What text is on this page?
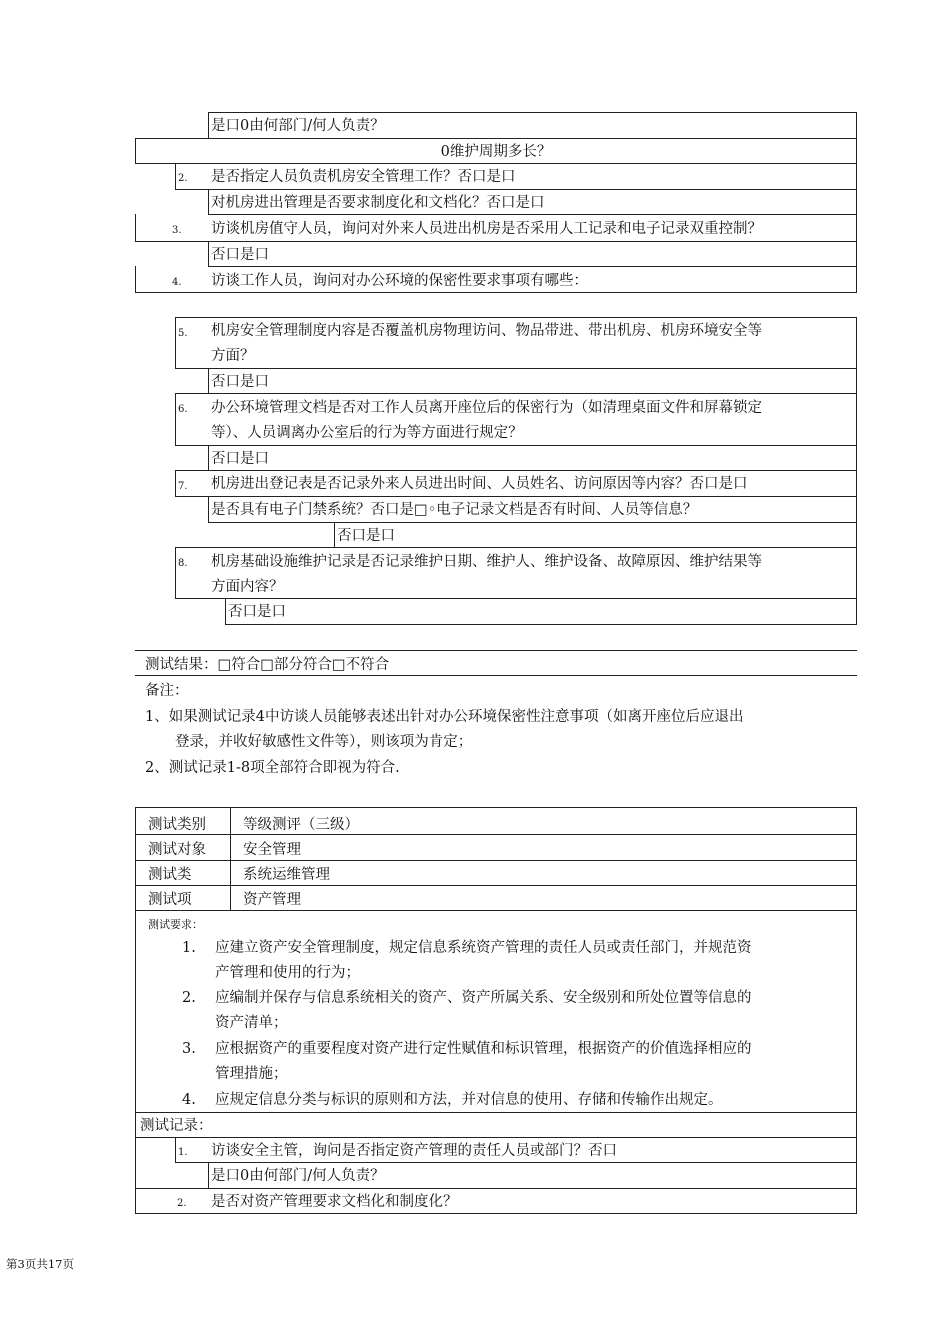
是口0由何部门/何人负责？
0维护周期多长？
2. 是否指定人员负责机房安全管理工作？否口是口
对机房进出管理是否要求制度化和文档化？否口是口
3. 访谈机房值守人员，询问对外来人员进出机房是否采用人工记录和电子记录双重控制？
否口是口
4. 访谈工作人员，询问对办公环境的保密性要求事项有哪些：
5. 机房安全管理制度内容是否覆盖机房物理访问、物品带进、带出机房、机房环境安全等
方面？
否口是口
6. 办公环境管理文档是否对工作人员离开座位后的保密行为（如清理桌面文件和屏幕锁定
等）、人员调离办公室后的行为等方面进行规定？
否口是口
7. 机房进出登记表是否记录外来人员进出时间、人员姓名、访问原因等内容？否口是口
是否具有电子门禁系统？否口是□◦电子记录文档是否有时间、人员等信息？
否口是口
8. 机房基础设施维护记录是否记录维护日期、维护人、维护设备、故障原因、维护结果等
方面内容？
否口是口
测试结果：□符合□部分符合□不符合
备注：
1、如果测试记录4中访谈人员能够表述出针对办公环境保密性注意事项（如离开座位后应退出
登录，并收好敏感性文件等），则该项为肯定；
2、测试记录1-8项全部符合即视为符合.
测试类别	等级测评（三级）
测试对象	安全管理
测试类	系统运维管理
测试项	资产管理
测试要求：
1. 应建立资产安全管理制度，规定信息系统资产管理的责任人员或责任部门，并规范资
产管理和使用的行为；
2. 应编制并保存与信息系统相关的资产、资产所属关系、安全级别和所处位置等信息的
资产清单；
3. 应根据资产的重要程度对资产进行定性赋值和标识管理，根据资产的价值选择相应的
管理措施；
4. 应规定信息分类与标识的原则和方法，并对信息的使用、存储和传输作出规定。
测试记录：
1. 访谈安全主管，询问是否指定资产管理的责任人员或部门？否口
是口0由何部门/何人负责？
2. 是否对资产管理要求文档化和制度化？
第3页共17页
